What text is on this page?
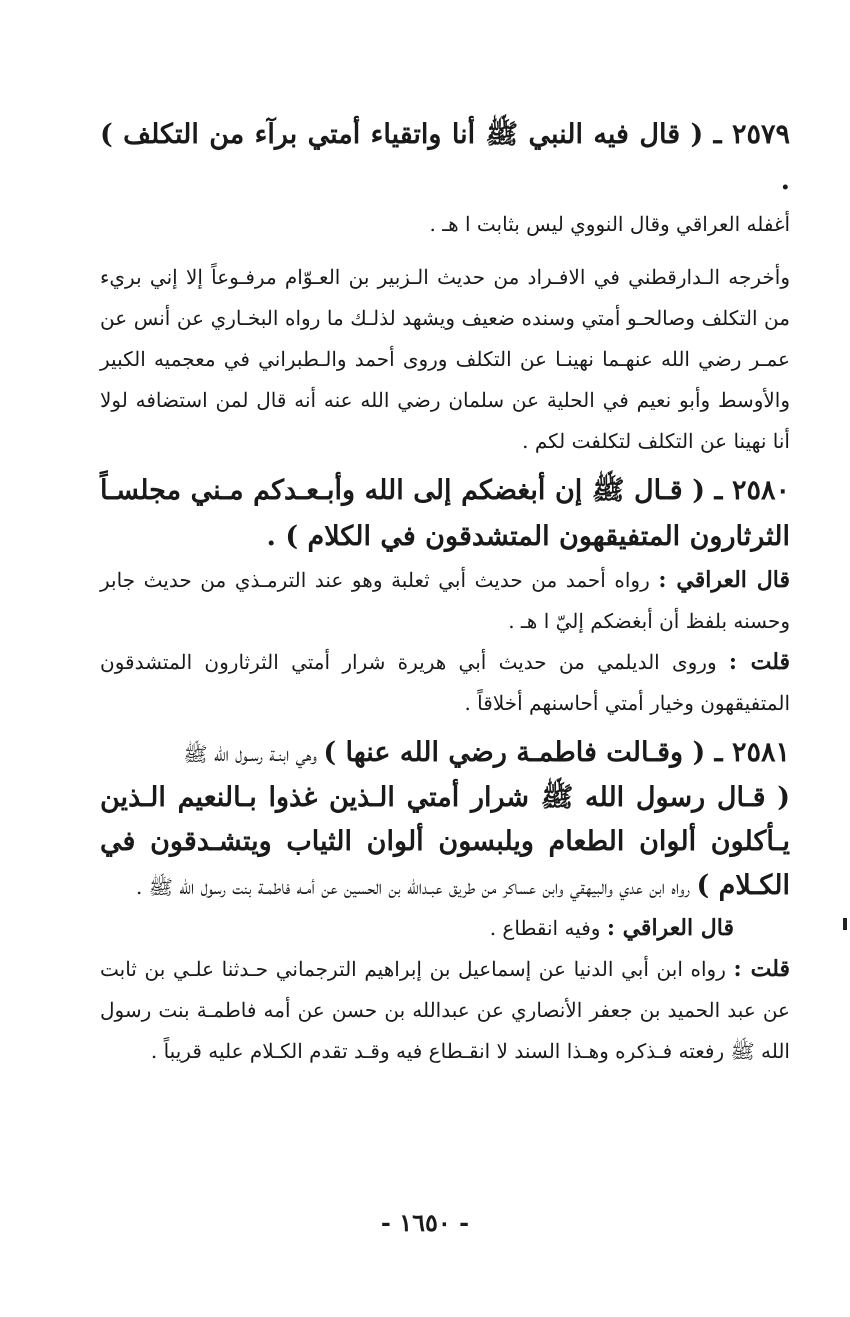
٢٥٧٩ ـ ( قال فيه النبي ﷺ أنا واتقياء أمتي برآء من التكلف ) .

أغفله العراقي وقال النووي ليس بثابت ا هـ .

وأخرجه الـدارقطني في الافـراد من حديث الـزبير بن العـوّام مرفـوعاً إلا إني بريء من التكلف وصالحـو أمتي وسنده ضعيف ويشهد لذلـك ما رواه البخـاري عن أنس عن عمـر رضي الله عنهـما نهينـا عن التكلف وروى أحمد والـطبراني في معجميه الكبير والأوسط وأبو نعيم في الحلية عن سلمان رضي الله عنه أنه قال لمن استضافه لولا أنا نهينا عن التكلف لتكلفت لكم .

٢٥٨٠ ـ ( قـال ﷺ إن أبغضكم إلى الله وأبـعـدكم مـني مجلسـاً الثرثارون المتفيقهون المتشدقون في الكلام ) .

قال العراقي : رواه أحمد من حديث أبي ثعلبة وهو عند الترمـذي من حديث جابر وحسنه بلفظ أن أبغضكم إليّ ا هـ .

قلت : وروى الديلمي من حديث أبي هريرة شرار أمتي الثرثارون المتشدقون المتفيقهون وخيار أمتي أحاسنهم أخلاقاً .

٢٥٨١ ـ ( وقـالت فاطمـة رضي الله عنها ) وهي ابنـة رسـول الله ﷺ

( قـال رسول الله ﷺ شرار أمتي الـذين غذوا بـالنعيم الـذين يـأكلون ألوان الطعام ويلبسون ألوان الثياب ويتشـدقون في الكـلام ) رواه ابن عدي والبيهقي وابن عساكر من طريق عبـدالله بن الحسين عن أمـه فاطمـة بنت رسول الله ﷺ .

قال العراقي : وفيه انقطاع .

قلت : رواه ابن أبي الدنيا عن إسماعيل بن إبراهيم الترجماني حـدثنا علـي بن ثابت عن عبد الحميد بن جعفر الأنصاري عن عبدالله بن حسن عن أمه فاطمـة بنت رسول الله ﷺ رفعته فـذكره وهـذا السند لا انقـطاع فيه وقـد تقدم الكـلام عليه قريباً .

- ١٦٥٠ -
